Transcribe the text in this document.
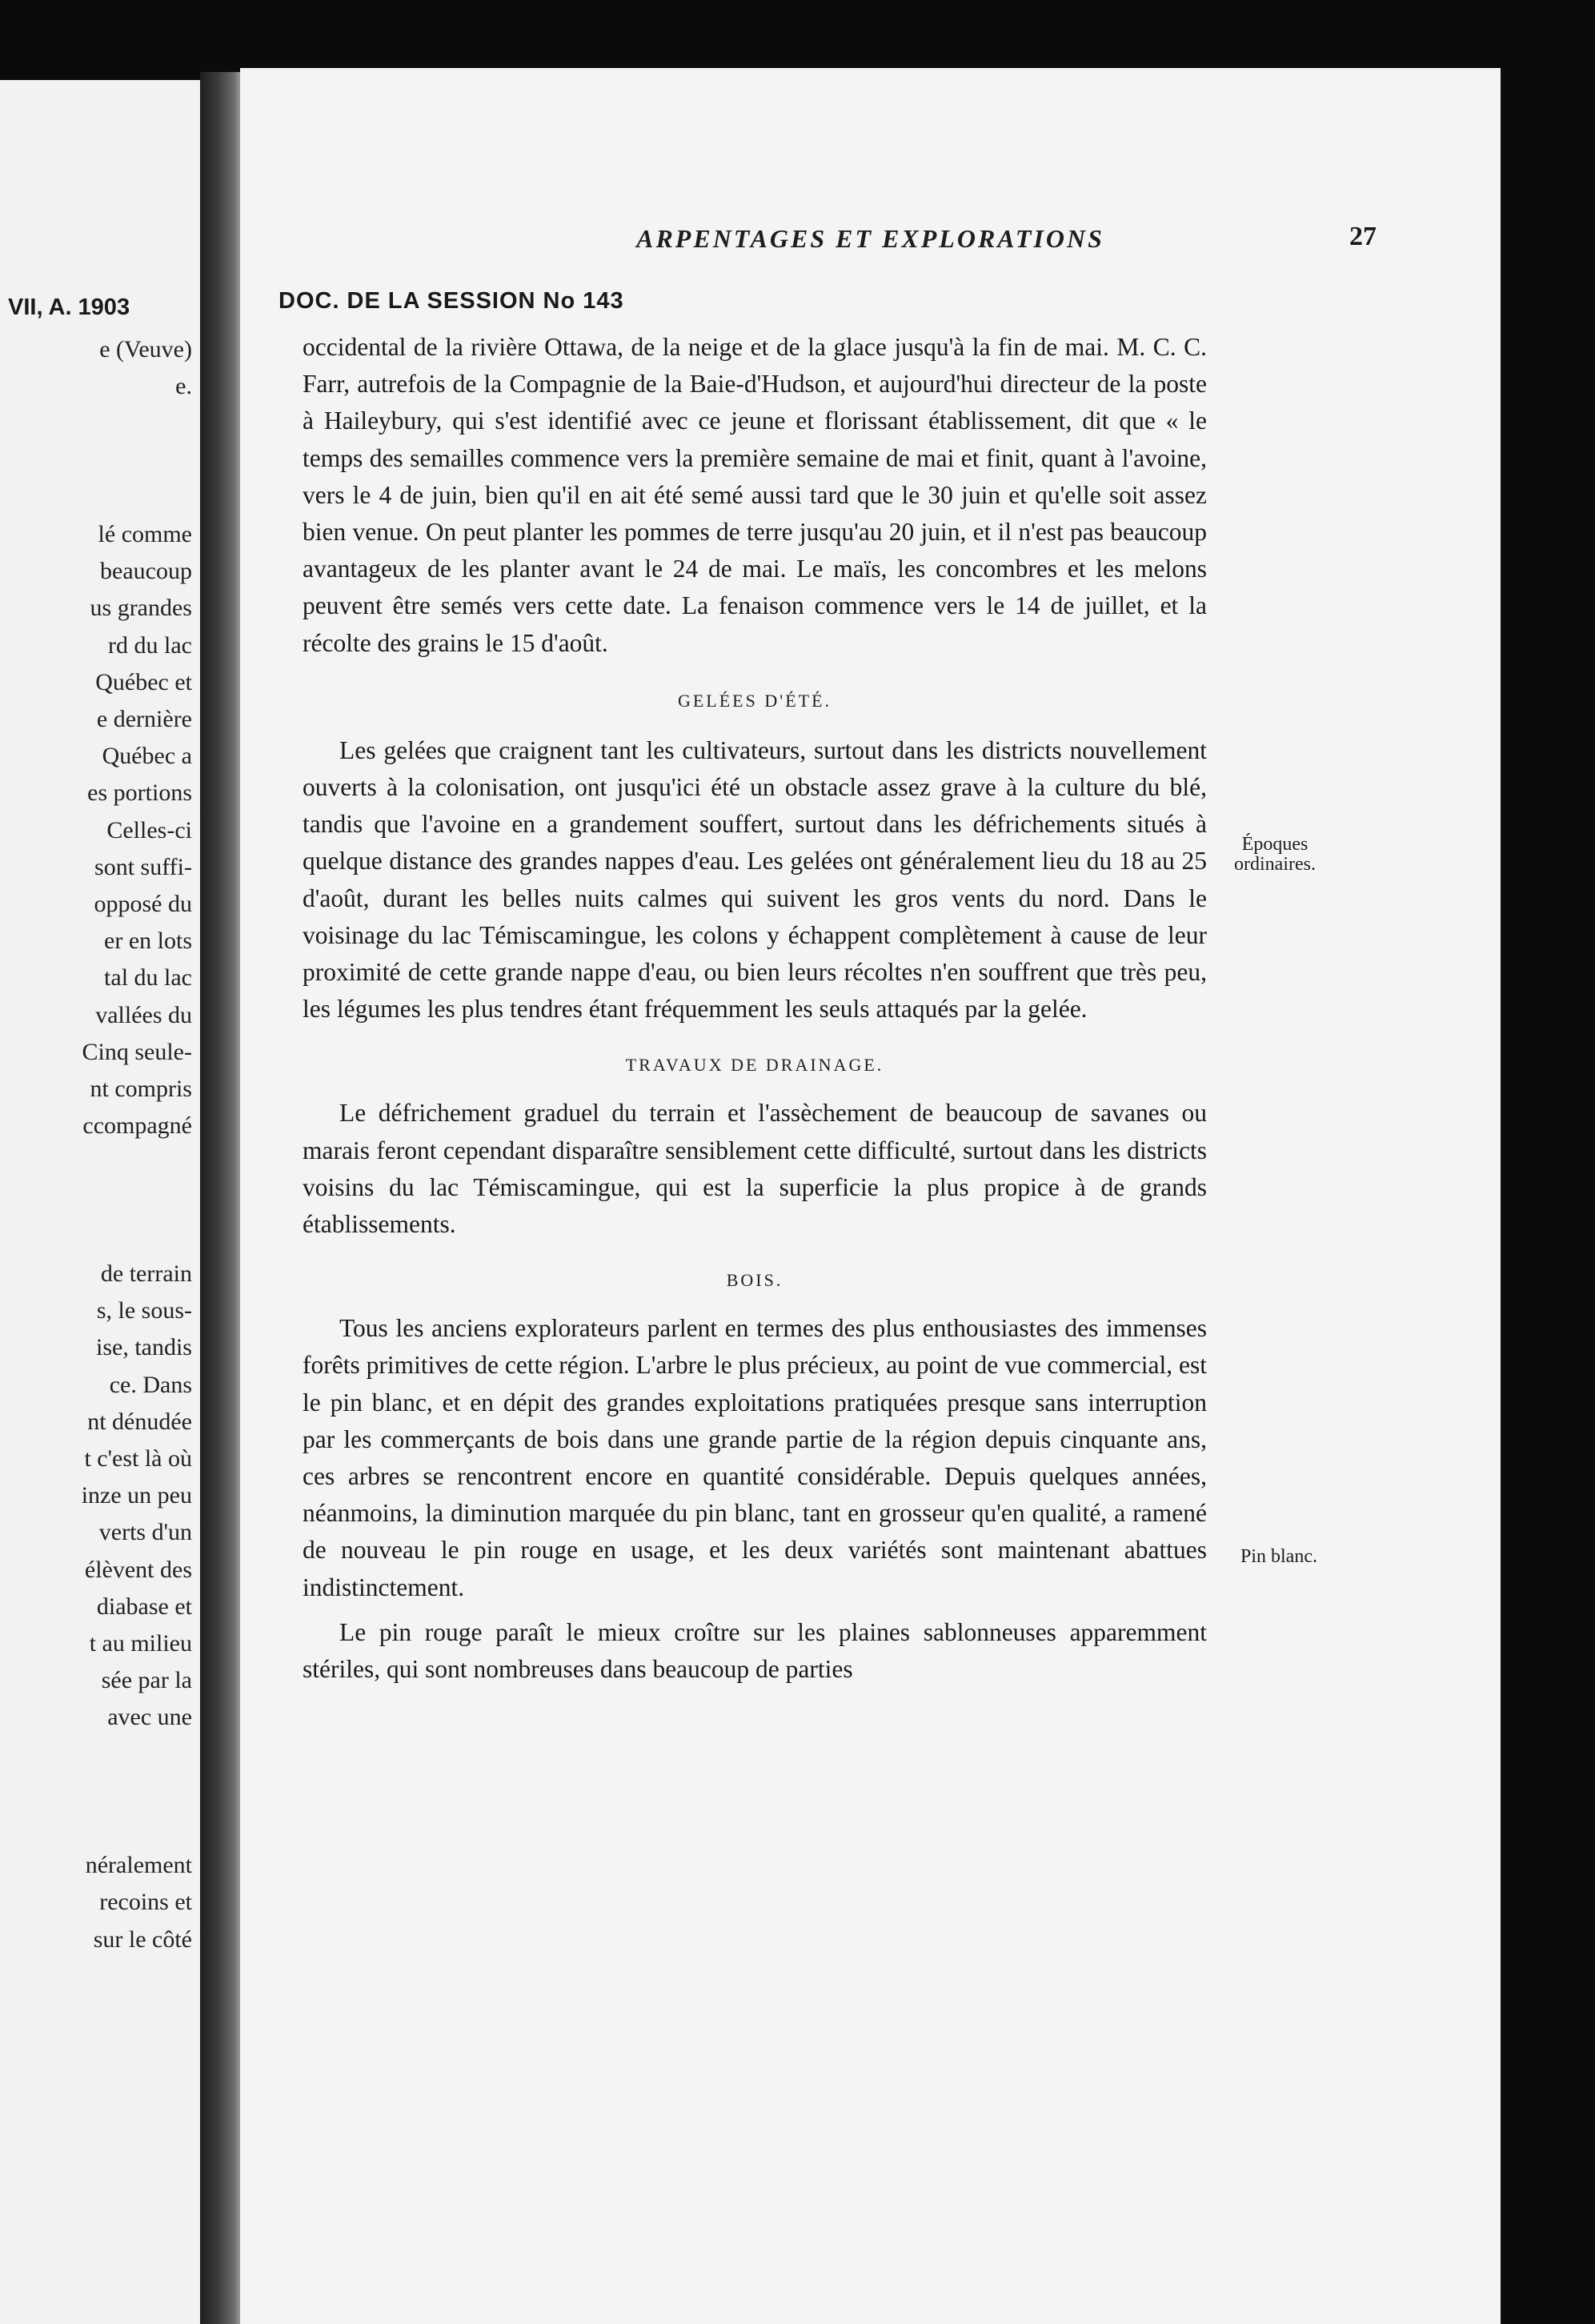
VII, A. 1903

e (Veuve)

e.

lé comme

beaucoup

us grandes

rd du lac

Québec et

e dernière

Québec a

es portions

Celles-ci

sont suffi-

opposé du

er en lots

tal du lac

vallées du

Cinq seule-

nt compris

ccompagné

de terrain

s, le sous-

ise, tandis

ce. Dans

nt dénudée

t c'est là où

inze un peu

verts d'un

élèvent des

diabase et

t au milieu

sée par la

avec une

néralement

recoins et

sur le côté

ARPENTAGES ET EXPLORATIONS	27

DOC. DE LA SESSION No 143

occidental de la rivière Ottawa, de la neige et de la glace jusqu'à la fin de mai. M. C. C. Farr, autrefois de la Compagnie de la Baie-d'Hudson, et aujourd'hui directeur de la poste à Haileybury, qui s'est identifié avec ce jeune et florissant établissement, dit que « le temps des semailles commence vers la première semaine de mai et finit, quant à l'avoine, vers le 4 de juin, bien qu'il en ait été semé aussi tard que le 30 juin et qu'elle soit assez bien venue. On peut planter les pommes de terre jusqu'au 20 juin, et il n'est pas beaucoup avantageux de les planter avant le 24 de mai. Le maïs, les concombres et les melons peuvent être semés vers cette date. La fenaison commence vers le 14 de juillet, et la récolte des grains le 15 d'août.

GELÉES D'ÉTÉ.

Les gelées que craignent tant les cultivateurs, surtout dans les districts nouvellement ouverts à la colonisation, ont jusqu'ici été un obstacle assez grave à la culture du blé, tandis que l'avoine en a grandement souffert, surtout dans les défrichements situés à quelque distance des grandes nappes d'eau. Les gelées ont généralement lieu du 18 au 25 d'août, durant les belles nuits calmes qui suivent les gros vents du nord. Dans le voisinage du lac Témiscamingue, les colons y échappent complètement à cause de leur proximité de cette grande nappe d'eau, ou bien leurs récoltes n'en souffrent que très peu, les légumes les plus tendres étant fréquemment les seuls attaqués par la gelée.

TRAVAUX DE DRAINAGE.

Le défrichement graduel du terrain et l'assèchement de beaucoup de savanes ou marais feront cependant disparaître sensiblement cette difficulté, surtout dans les districts voisins du lac Témiscamingue, qui est la superficie la plus propice à de grands établissements.

BOIS.

Tous les anciens explorateurs parlent en termes des plus enthousiastes des immenses forêts primitives de cette région. L'arbre le plus précieux, au point de vue commercial, est le pin blanc, et en dépit des grandes exploitations pratiquées presque sans interruption par les commerçants de bois dans une grande partie de la région depuis cinquante ans, ces arbres se rencontrent encore en quantité considérable. Depuis quelques années, néanmoins, la diminution marquée du pin blanc, tant en grosseur qu'en qualité, a ramené de nouveau le pin rouge en usage, et les deux variétés sont maintenant abattues indistinctement.

Le pin rouge paraît le mieux croître sur les plaines sablonneuses apparemment stériles, qui sont nombreuses dans beaucoup de parties

Époques ordinaires.

Pin blanc.
